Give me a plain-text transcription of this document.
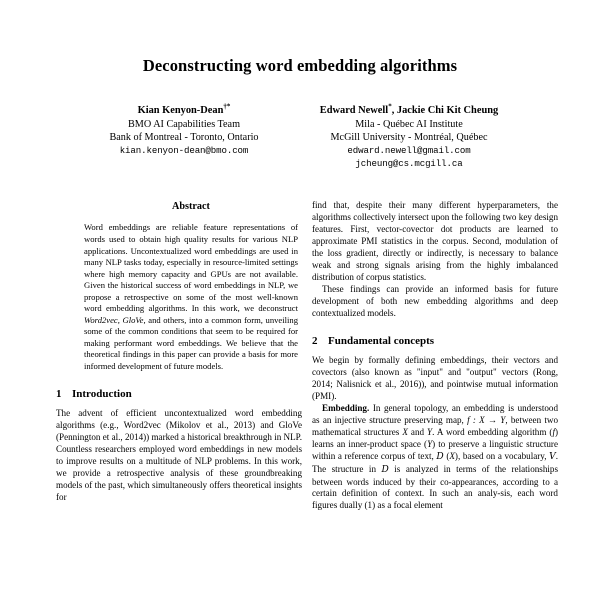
Deconstructing word embedding algorithms
Kian Kenyon-Dean†*
BMO AI Capabilities Team
Bank of Montreal - Toronto, Ontario
kian.kenyon-dean@bmo.com
Edward Newell*, Jackie Chi Kit Cheung
Mila - Québec AI Institute
McGill University - Montréal, Québec
edward.newell@gmail.com
jcheung@cs.mcgill.ca
Abstract
Word embeddings are reliable feature representations of words used to obtain high quality results for various NLP applications. Uncontextualized word embeddings are used in many NLP tasks today, especially in resource-limited settings where high memory capacity and GPUs are not available. Given the historical success of word embeddings in NLP, we propose a retrospective on some of the most well-known word embedding algorithms. In this work, we deconstruct Word2vec, GloVe, and others, into a common form, unveiling some of the common conditions that seem to be required for making performant word embeddings. We believe that the theoretical findings in this paper can provide a basis for more informed development of future models.
1 Introduction

The advent of efficient uncontextualized word embedding algorithms (e.g., Word2vec (Mikolov et al., 2013) and GloVe (Pennington et al., 2014)) marked a historical breakthrough in NLP. Countless researchers employed word embeddings in new models to improve results on a multitude of NLP problems. In this work, we provide a retrospective analysis of these groundbreaking models of the past, which simultaneously offers theoretical insights for

find that, despite their many different hyperparameters, the algorithms collectively intersect upon the following two key design features. First, vector-covector dot products are learned to approximate PMI statistics in the corpus. Second, modulation of the loss gradient, directly or indirectly, is necessary to balance weak and strong signals arising from the highly imbalanced distribution of corpus statistics.

These findings can provide an informed basis for future development of both new embedding algorithms and deep contextualized models.

2 Fundamental concepts

We begin by formally defining embeddings, their vectors and covectors (also known as "input" and "output" vectors (Rong, 2014; Nalisnick et al., 2016)), and pointwise mutual information (PMI).

Embedding. In general topology, an embedding is understood as an injective structure preserving map, f : X → Y, between two mathematical structures X and Y. A word embedding algorithm (f) learns an inner-product space (Y) to preserve a linguistic structure within a reference corpus of text, D (X), based on a vocabulary, V. The structure in D is analyzed in terms of the relationships between words induced by their co-appearances, according to a certain definition of context. In such an analy-sis, each word figures dually (1) as a focal element
